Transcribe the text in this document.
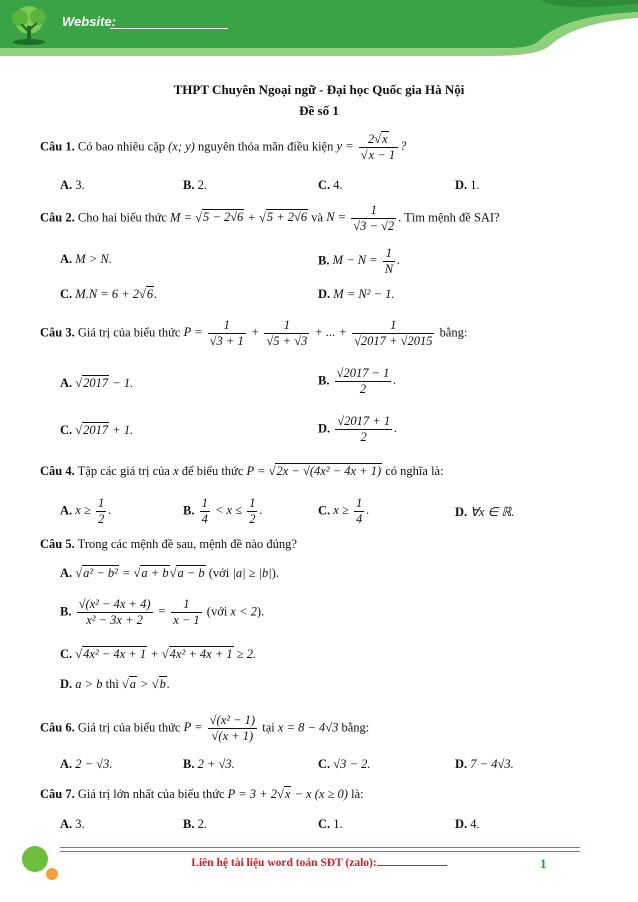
Website:
THPT Chuyên Ngoại ngữ - Đại học Quốc gia Hà Nội
Đề số 1
Câu 1. Có bao nhiêu cặp (x; y) nguyên thỏa mãn điều kiện $y = \frac{2√x}{√x - 1}$ ?
A. 3.	B. 2.	C. 4.	D. 1.
Câu 2. Cho hai biểu thức M = √5 − 2√6 + √5 + 2√6 và $N = \frac{1}{√3 - √2}$ . Tìm mệnh đề SAI?
A. M > N.	B. $M - N = \frac{1}{N}$ .
C. M.N = 6 + 2√6.	D. M = N² − 1.
Câu 3. Giá trị của biểu thức $P = \frac{1}{√3 + 1} + \frac{1}{√5 + √3}$ + ... + $\frac{1}{√2017 + √2015}$ bằng:
A. √2017 − 1.	B. $\frac{√2017 - 1}{2}$ .
C. √2017 + 1.	D. $\frac{√2017 + 1}{2}$ .
Câu 4. Tập các giá trị của x để biểu thức P = √2x − √(4x² − 4x + 1) có nghĩa là:
A. $x \ge \frac{1}{2}$ .	B. $\frac{1}{4} < x \le \frac{1}{2}$ .	C. $x \ge \frac{1}{4}$ .	D. ∀x ∈ ℝ.
Câu 5. Trong các mệnh đề sau, mệnh đề nào đúng?
A. √a² − b² = √a + b√a − b (với |a| ≥ |b|).
B. $\frac{\text{√(x² − 4x + 4)}}{\text{x² − 3x + 2}} = \frac{1}{x - 1}$ (với x < 2).
C. √4x² − 4x + 1 + √4x² + 4x + 1 ≥ 2.
D. a > b thì √a > √b.
Câu 6. Giá trị của biểu thức $P = \frac{\text{√(x² − 1)}}{√(x + 1)}$ tại x = 8 − 4√3 bằng:
A. 2 − √3.	B. 2 + √3.	C. √3 − 2.	D. 7 − 4√3.
Câu 7. Giá trị lớn nhất của biểu thức P = 3 + 2√x − x (x ≥ 0) là:
A. 3.	B. 2.	C. 1.	D. 4.
Liên hệ tài liệu word toán SĐT (zalo):	1
